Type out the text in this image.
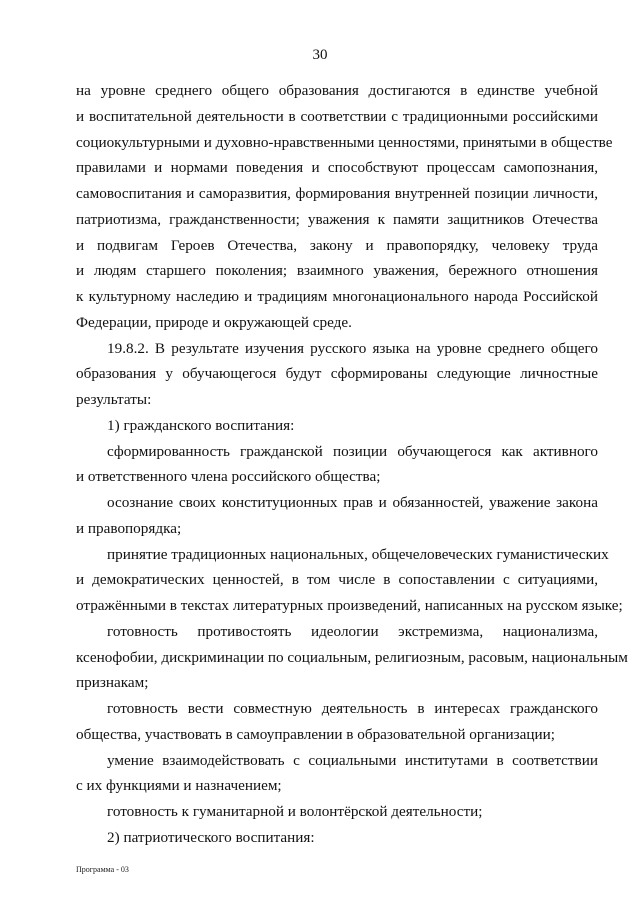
30
на уровне среднего общего образования достигаются в единстве учебной
и воспитательной деятельности в соответствии с традиционными российскими
социокультурными и духовно-нравственными ценностями, принятыми в обществе
правилами и нормами поведения и способствуют процессам самопознания,
самовоспитания и саморазвития, формирования внутренней позиции личности,
патриотизма, гражданственности; уважения к памяти защитников Отечества
и подвигам Героев Отечества, закону и правопорядку, человеку труда
и людям старшего поколения; взаимного уважения, бережного отношения
к культурному наследию и традициям многонационального народа Российской
Федерации, природе и окружающей среде.
19.8.2. В результате изучения русского языка на уровне среднего общего
образования у обучающегося будут сформированы следующие личностные
результаты:
1) гражданского воспитания:
сформированность гражданской позиции обучающегося как активного
и ответственного члена российского общества;
осознание своих конституционных прав и обязанностей, уважение закона
и правопорядка;
принятие традиционных национальных, общечеловеческих гуманистических
и демократических ценностей, в том числе в сопоставлении с ситуациями,
отражёнными в текстах литературных произведений, написанных на русском языке;
готовность противостоять идеологии экстремизма, национализма,
ксенофобии, дискриминации по социальным, религиозным, расовым, национальным
признакам;
готовность вести совместную деятельность в интересах гражданского
общества, участвовать в самоуправлении в образовательной организации;
умение взаимодействовать с социальными институтами в соответствии
с их функциями и назначением;
готовность к гуманитарной и волонтёрской деятельности;
2) патриотического воспитания:
Программа - 03
